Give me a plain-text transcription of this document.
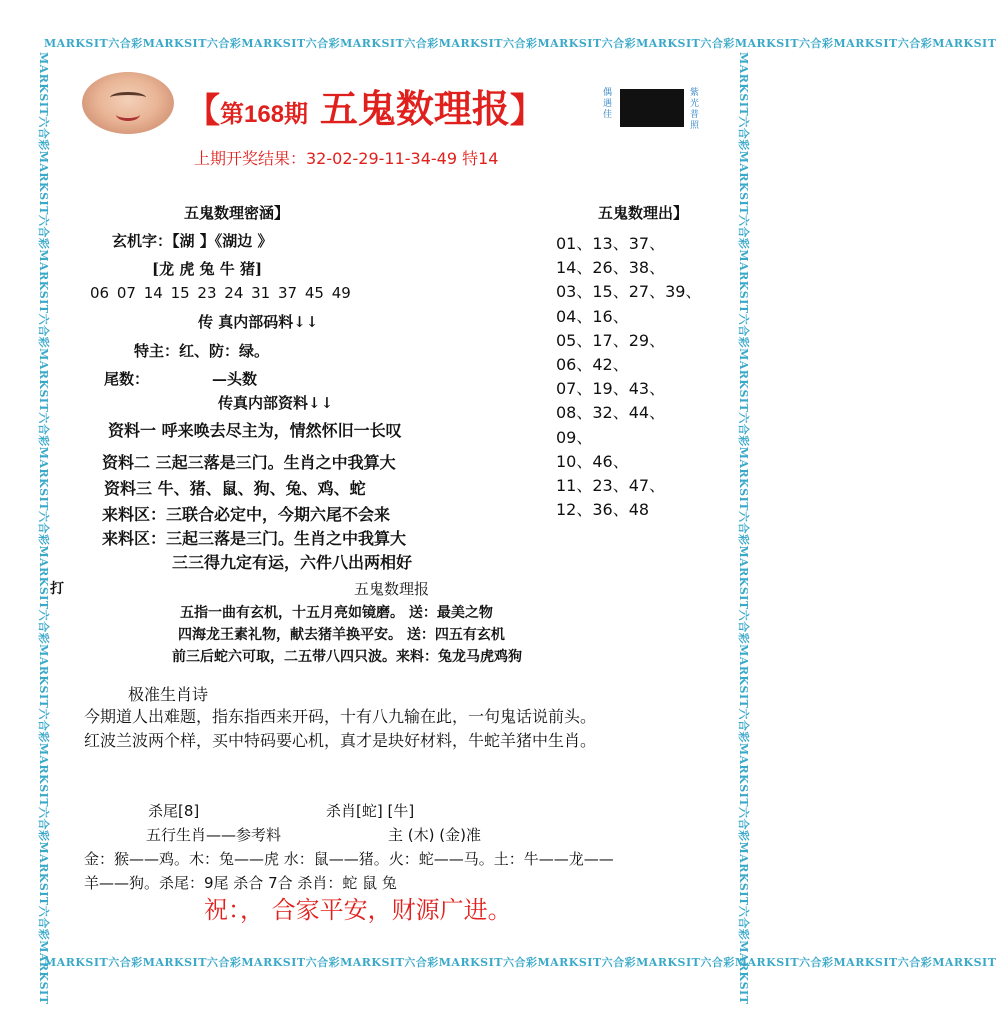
MARKSIT六合彩MARKSIT六合彩MARKSIT六合彩MARKSIT六合彩MARKSIT六合彩MARKSIT六合彩MARKSIT六合彩MARKSIT六合彩MARKSIT六合彩MARKSIT
MARKSIT六合彩MARKSIT六合彩MARKSIT六合彩MARKSIT六合彩MARKSIT六合彩MARKSIT六合彩MARKSIT六合彩MARKSIT六合彩MARKSIT六合彩MARKSIT
MARKSIT六合彩MARKSIT六合彩MARKSIT六合彩MARKSIT六合彩MARKSIT六合彩MARKSIT六合彩MARKSIT六合彩MARKSIT六合彩MARKSIT六合彩MARKSIT	MARKSIT六合彩MARKSIT六合彩MARKSIT六合彩MARKSIT六合彩MARKSIT六合彩MARKSIT六合彩MARKSIT六合彩MARKSIT六合彩MARKSIT六合彩MARKSIT
【第168期 五鬼数理报】	偶遇佳
紫光普照
上期开奖结果：32-02-29-11-34-49 特14
五鬼数理密涵】
玄机字：【湖 】《湖边 》
[龙 虎 兔 牛 猪]
06 07 14 15 23 24 31 37 45 49
传 真内部码料↓↓
特主：红、防：绿。
尾数：	—头数
传真内部资料↓↓
资料一 呼来唤去尽主为，情然怀旧一长叹
资料二 三起三落是三门。生肖之中我算大
资料三 牛、猪、鼠、狗、兔、鸡、蛇
来料区：三联合必定中，今期六尾不会来
来料区：三起三落是三门。生肖之中我算大
三三得九定有运，六件八出两相好
五鬼数理出】
01、13、37、
14、26、38、
03、15、27、39、
04、16、
05、17、29、
06、42、
07、19、43、
08、32、44、
09、
10、46、
11、23、47、
12、36、48
打	五鬼数理报
五指一曲有玄机，十五月亮如镜磨。 送：最美之物
四海龙王素礼物，献去猪羊换平安。 送：四五有玄机
前三后蛇六可取，二五带八四只波。来料：兔龙马虎鸡狗
极准生肖诗
今期道人出难题，指东指西来开码，十有八九输在此，一句鬼话说前头。
红波兰波两个样，买中特码要心机，真才是块好材料，牛蛇羊猪中生肖。
杀尾[8]	杀肖[蛇] [牛]
五行生肖——参考料	主 (木) (金)准
金：猴——鸡。木：兔——虎 水：鼠——猪。火：蛇——马。土：牛——龙——
羊——狗。杀尾：9尾 杀合 7合 杀肖：蛇 鼠 兔
祝：， 合家平安，财源广进。
